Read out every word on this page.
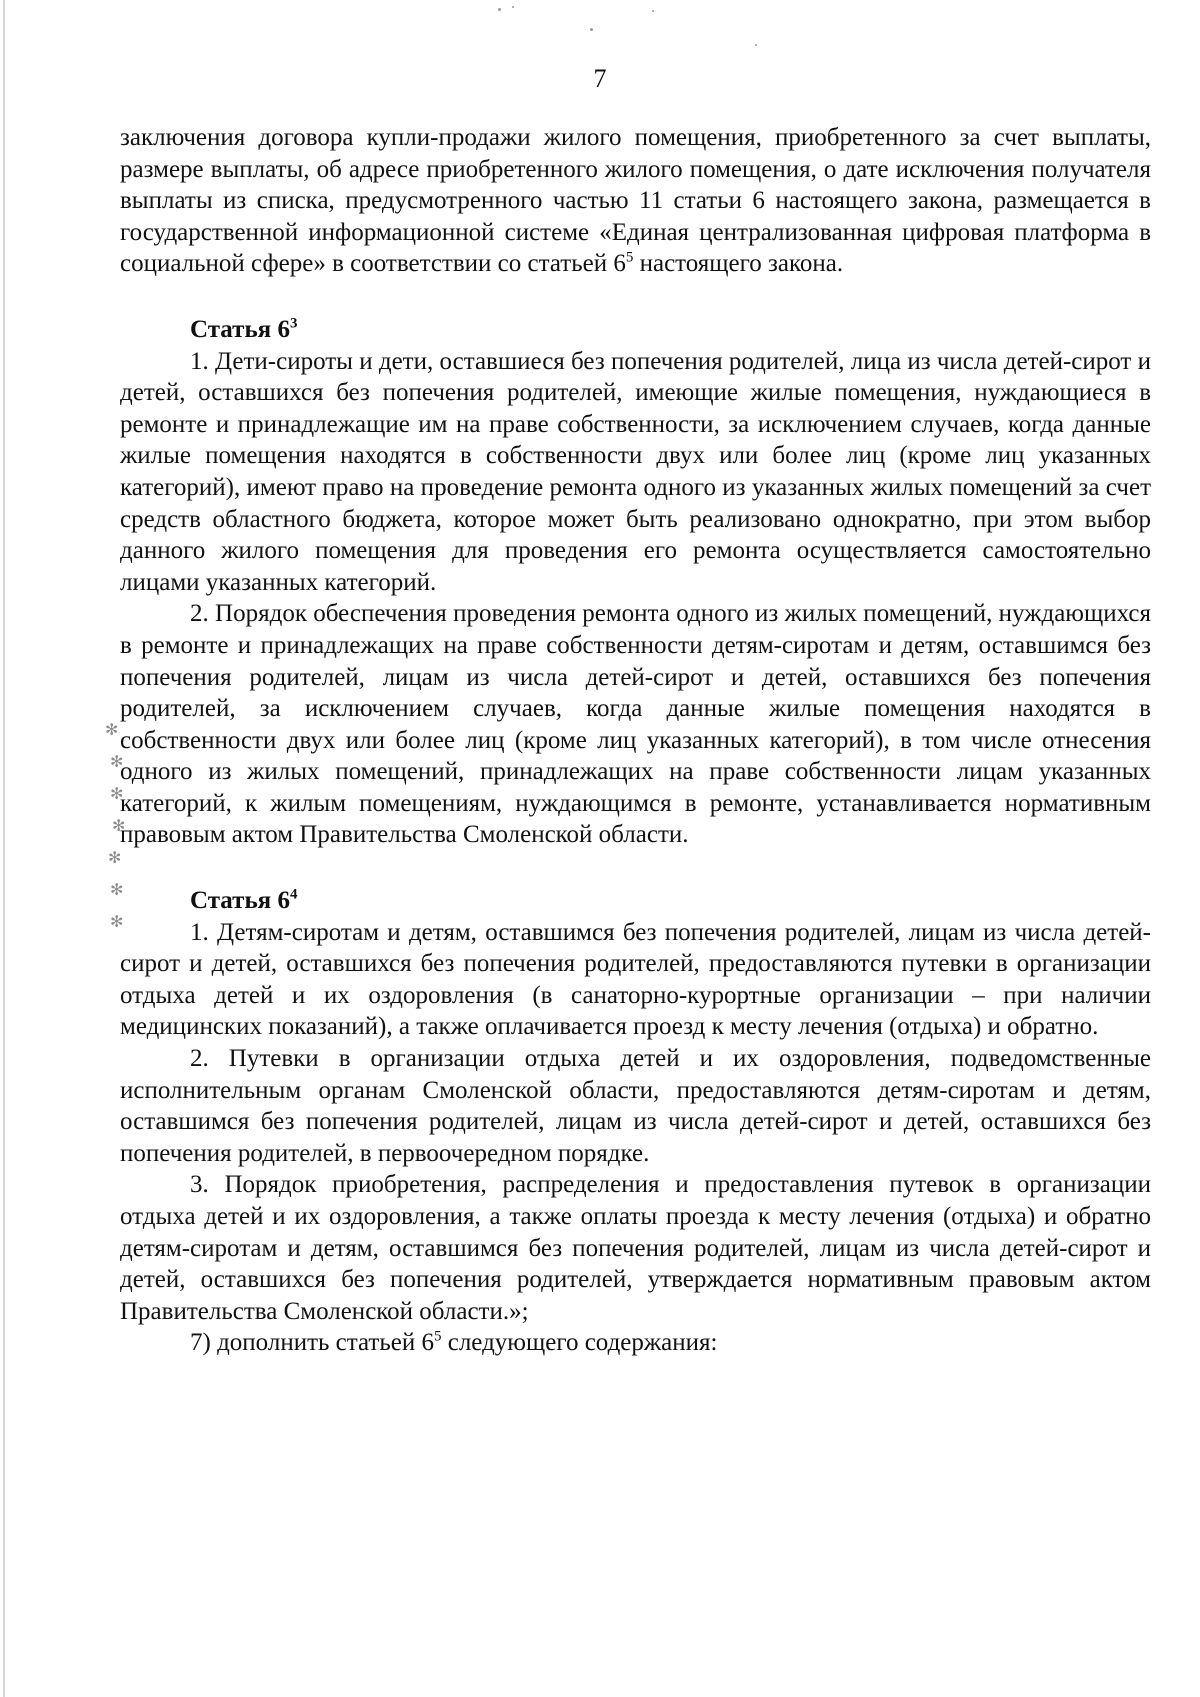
✻
✻
✻
✻
✻
✻
✻
7

заключения договора купли-продажи жилого помещения, приобретенного за счет выплаты, размере выплаты, об адресе приобретенного жилого помещения, о дате исключения получателя выплаты из списка, предусмотренного частью 11 статьи 6 настоящего закона, размещается в государственной информационной системе «Единая централизованная цифровая платформа в социальной сфере» в соответствии со статьей $6^5$ настоящего закона.

Статья $6^3$

1. Дети-сироты и дети, оставшиеся без попечения родителей, лица из числа детей-сирот и детей, оставшихся без попечения родителей, имеющие жилые помещения, нуждающиеся в ремонте и принадлежащие им на праве собственности, за исключением случаев, когда данные жилые помещения находятся в собственности двух или более лиц (кроме лиц указанных категорий), имеют право на проведение ремонта одного из указанных жилых помещений за счет средств областного бюджета, которое может быть реализовано однократно, при этом выбор данного жилого помещения для проведения его ремонта осуществляется самостоятельно лицами указанных категорий.

2. Порядок обеспечения проведения ремонта одного из жилых помещений, нуждающихся в ремонте и принадлежащих на праве собственности детям-сиротам и детям, оставшимся без попечения родителей, лицам из числа детей-сирот и детей, оставшихся без попечения родителей, за исключением случаев, когда данные жилые помещения находятся в собственности двух или более лиц (кроме лиц указанных категорий), в том числе отнесения одного из жилых помещений, принадлежащих на праве собственности лицам указанных категорий, к жилым помещениям, нуждающимся в ремонте, устанавливается нормативным правовым актом Правительства Смоленской области.

Статья $6^4$

1. Детям-сиротам и детям, оставшимся без попечения родителей, лицам из числа детей-сирот и детей, оставшихся без попечения родителей, предоставляются путевки в организации отдыха детей и их оздоровления (в санаторно-курортные организации – при наличии медицинских показаний), а также оплачивается проезд к месту лечения (отдыха) и обратно.

2. Путевки в организации отдыха детей и их оздоровления, подведомственные исполнительным органам Смоленской области, предоставляются детям-сиротам и детям, оставшимся без попечения родителей, лицам из числа детей-сирот и детей, оставшихся без попечения родителей, в первоочередном порядке.

3. Порядок приобретения, распределения и предоставления путевок в организации отдыха детей и их оздоровления, а также оплаты проезда к месту лечения (отдыха) и обратно детям-сиротам и детям, оставшимся без попечения родителей, лицам из числа детей-сирот и детей, оставшихся без попечения родителей, утверждается нормативным правовым актом Правительства Смоленской области.»;

7) дополнить статьей $6^5$ следующего содержания:
